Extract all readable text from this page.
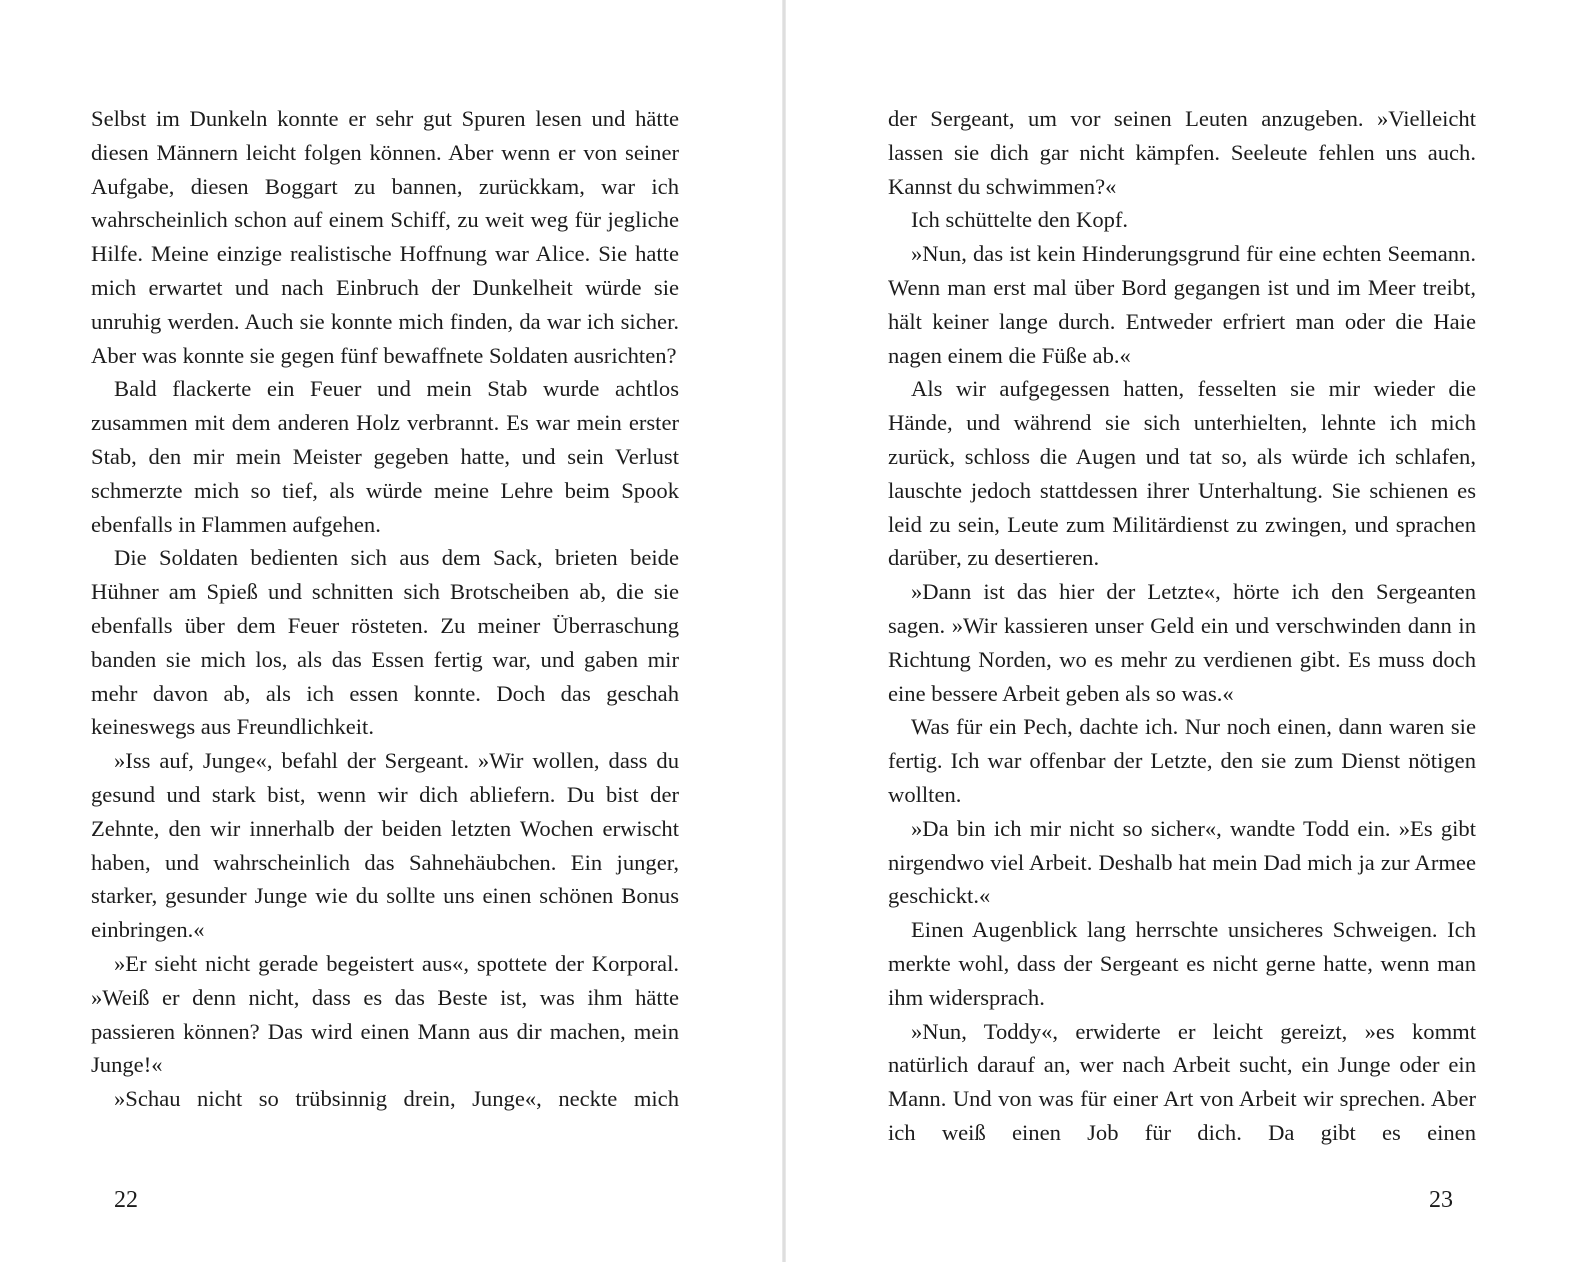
Selbst im Dunkeln konnte er sehr gut Spuren lesen und hätte diesen Männern leicht folgen können. Aber wenn er von seiner Aufgabe, diesen Boggart zu bannen, zurückkam, war ich wahrscheinlich schon auf einem Schiff, zu weit weg für jegliche Hilfe. Meine einzige realistische Hoffnung war Alice. Sie hatte mich erwartet und nach Einbruch der Dunkelheit würde sie unruhig werden. Auch sie konnte mich finden, da war ich sicher. Aber was konnte sie gegen fünf bewaffnete Soldaten ausrichten?

Bald flackerte ein Feuer und mein Stab wurde achtlos zusammen mit dem anderen Holz verbrannt. Es war mein erster Stab, den mir mein Meister gegeben hatte, und sein Verlust schmerzte mich so tief, als würde meine Lehre beim Spook ebenfalls in Flammen aufgehen.

Die Soldaten bedienten sich aus dem Sack, brieten beide Hühner am Spieß und schnitten sich Brotscheiben ab, die sie ebenfalls über dem Feuer rösteten. Zu meiner Überraschung banden sie mich los, als das Essen fertig war, und gaben mir mehr davon ab, als ich essen konnte. Doch das geschah keineswegs aus Freundlichkeit.

»Iss auf, Junge«, befahl der Sergeant. »Wir wollen, dass du gesund und stark bist, wenn wir dich abliefern. Du bist der Zehnte, den wir innerhalb der beiden letzten Wochen erwischt haben, und wahrscheinlich das Sahnehäubchen. Ein junger, starker, gesunder Junge wie du sollte uns einen schönen Bonus einbringen.«

»Er sieht nicht gerade begeistert aus«, spottete der Korporal. »Weiß er denn nicht, dass es das Beste ist, was ihm hätte passieren können? Das wird einen Mann aus dir machen, mein Junge!«

»Schau nicht so trübsinnig drein, Junge«, neckte mich

22

der Sergeant, um vor seinen Leuten anzugeben. »Vielleicht lassen sie dich gar nicht kämpfen. Seeleute fehlen uns auch. Kannst du schwimmen?«

Ich schüttelte den Kopf.

»Nun, das ist kein Hinderungsgrund für eine echten Seemann. Wenn man erst mal über Bord gegangen ist und im Meer treibt, hält keiner lange durch. Entweder erfriert man oder die Haie nagen einem die Füße ab.«

Als wir aufgegessen hatten, fesselten sie mir wieder die Hände, und während sie sich unterhielten, lehnte ich mich zurück, schloss die Augen und tat so, als würde ich schlafen, lauschte jedoch stattdessen ihrer Unterhaltung. Sie schienen es leid zu sein, Leute zum Militärdienst zu zwingen, und sprachen darüber, zu desertieren.

»Dann ist das hier der Letzte«, hörte ich den Sergeanten sagen. »Wir kassieren unser Geld ein und verschwinden dann in Richtung Norden, wo es mehr zu verdienen gibt. Es muss doch eine bessere Arbeit geben als so was.«

Was für ein Pech, dachte ich. Nur noch einen, dann waren sie fertig. Ich war offenbar der Letzte, den sie zum Dienst nötigen wollten.

»Da bin ich mir nicht so sicher«, wandte Todd ein. »Es gibt nirgendwo viel Arbeit. Deshalb hat mein Dad mich ja zur Armee geschickt.«

Einen Augenblick lang herrschte unsicheres Schweigen. Ich merkte wohl, dass der Sergeant es nicht gerne hatte, wenn man ihm widersprach.

»Nun, Toddy«, erwiderte er leicht gereizt, »es kommt natürlich darauf an, wer nach Arbeit sucht, ein Junge oder ein Mann. Und von was für einer Art von Arbeit wir sprechen. Aber ich weiß einen Job für dich. Da gibt es einen

23
